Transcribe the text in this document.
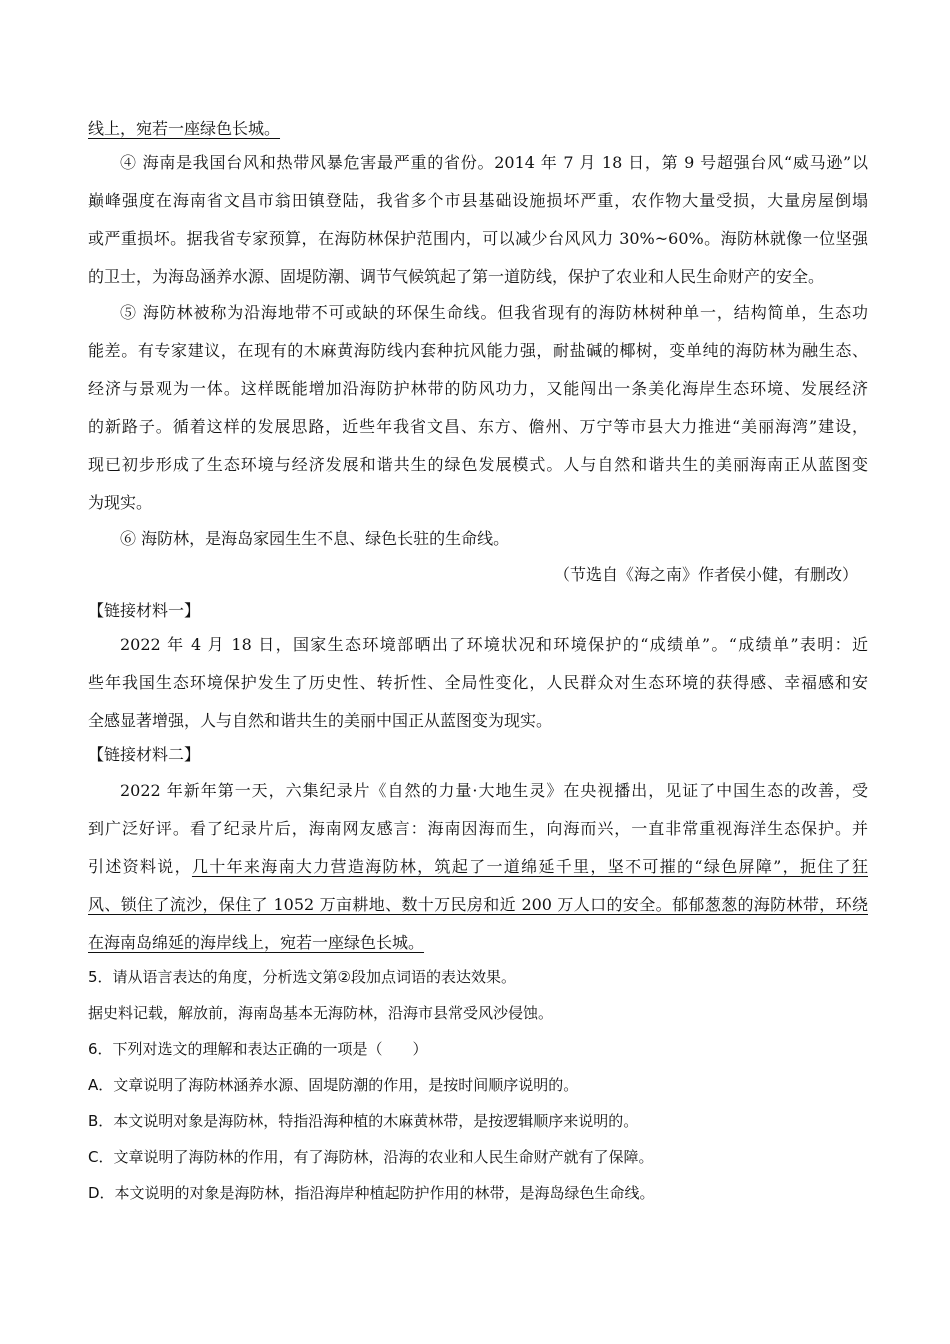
线上，宛若一座绿色长城。
④ 海南是我国台风和热带风暴危害最严重的省份。2014 年 7 月 18 日，第 9 号超强台风“威马逊”以
巅峰强度在海南省文昌市翁田镇登陆，我省多个市县基础设施损坏严重，农作物大量受损，大量房屋倒塌
或严重损坏。据我省专家预算，在海防林保护范围内，可以减少台风风力 30%~60%。海防林就像一位坚强
的卫士，为海岛涵养水源、固堤防潮、调节气候筑起了第一道防线，保护了农业和人民生命财产的安全。
⑤ 海防林被称为沿海地带不可或缺的环保生命线。但我省现有的海防林树种单一，结构简单，生态功
能差。有专家建议，在现有的木麻黄海防线内套种抗风能力强，耐盐碱的椰树，变单纯的海防林为融生态、
经济与景观为一体。这样既能增加沿海防护林带的防风功力，又能闯出一条美化海岸生态环境、发展经济
的新路子。循着这样的发展思路，近些年我省文昌、东方、儋州、万宁等市县大力推进“美丽海湾”建设，
现已初步形成了生态环境与经济发展和谐共生的绿色发展模式。人与自然和谐共生的美丽海南正从蓝图变
为现实。
⑥ 海防林，是海岛家园生生不息、绿色长驻的生命线。
（节选自《海之南》作者侯小健，有删改）
【链接材料一】
2022 年 4 月 18 日，国家生态环境部晒出了环境状况和环境保护的“成绩单”。“成绩单”表明：近
些年我国生态环境保护发生了历史性、转折性、全局性变化，人民群众对生态环境的获得感、幸福感和安
全感显著增强，人与自然和谐共生的美丽中国正从蓝图变为现实。
【链接材料二】
2022 年新年第一天，六集纪录片《自然的力量·大地生灵》在央视播出，见证了中国生态的改善，受
到广泛好评。看了纪录片后，海南网友感言：海南因海而生，向海而兴，一直非常重视海洋生态保护。并
引述资料说，几十年来海南大力营造海防林，筑起了一道绵延千里，坚不可摧的“绿色屏障”，扼住了狂
风、锁住了流沙，保住了 1052 万亩耕地、数十万民房和近 200 万人口的安全。郁郁葱葱的海防林带，环绕
在海南岛绵延的海岸线上，宛若一座绿色长城。
5．请从语言表达的角度，分析选文第②段加点词语的表达效果。
据史料记载，解放前，海南岛基本无海防林，沿海市县常受风沙侵蚀。
6．下列对选文的理解和表达正确的一项是（　　）
A．文章说明了海防林涵养水源、固堤防潮的作用，是按时间顺序说明的。
B．本文说明对象是海防林，特指沿海种植的木麻黄林带，是按逻辑顺序来说明的。
C．文章说明了海防林的作用，有了海防林，沿海的农业和人民生命财产就有了保障。
D．本文说明的对象是海防林，指沿海岸种植起防护作用的林带，是海岛绿色生命线。
